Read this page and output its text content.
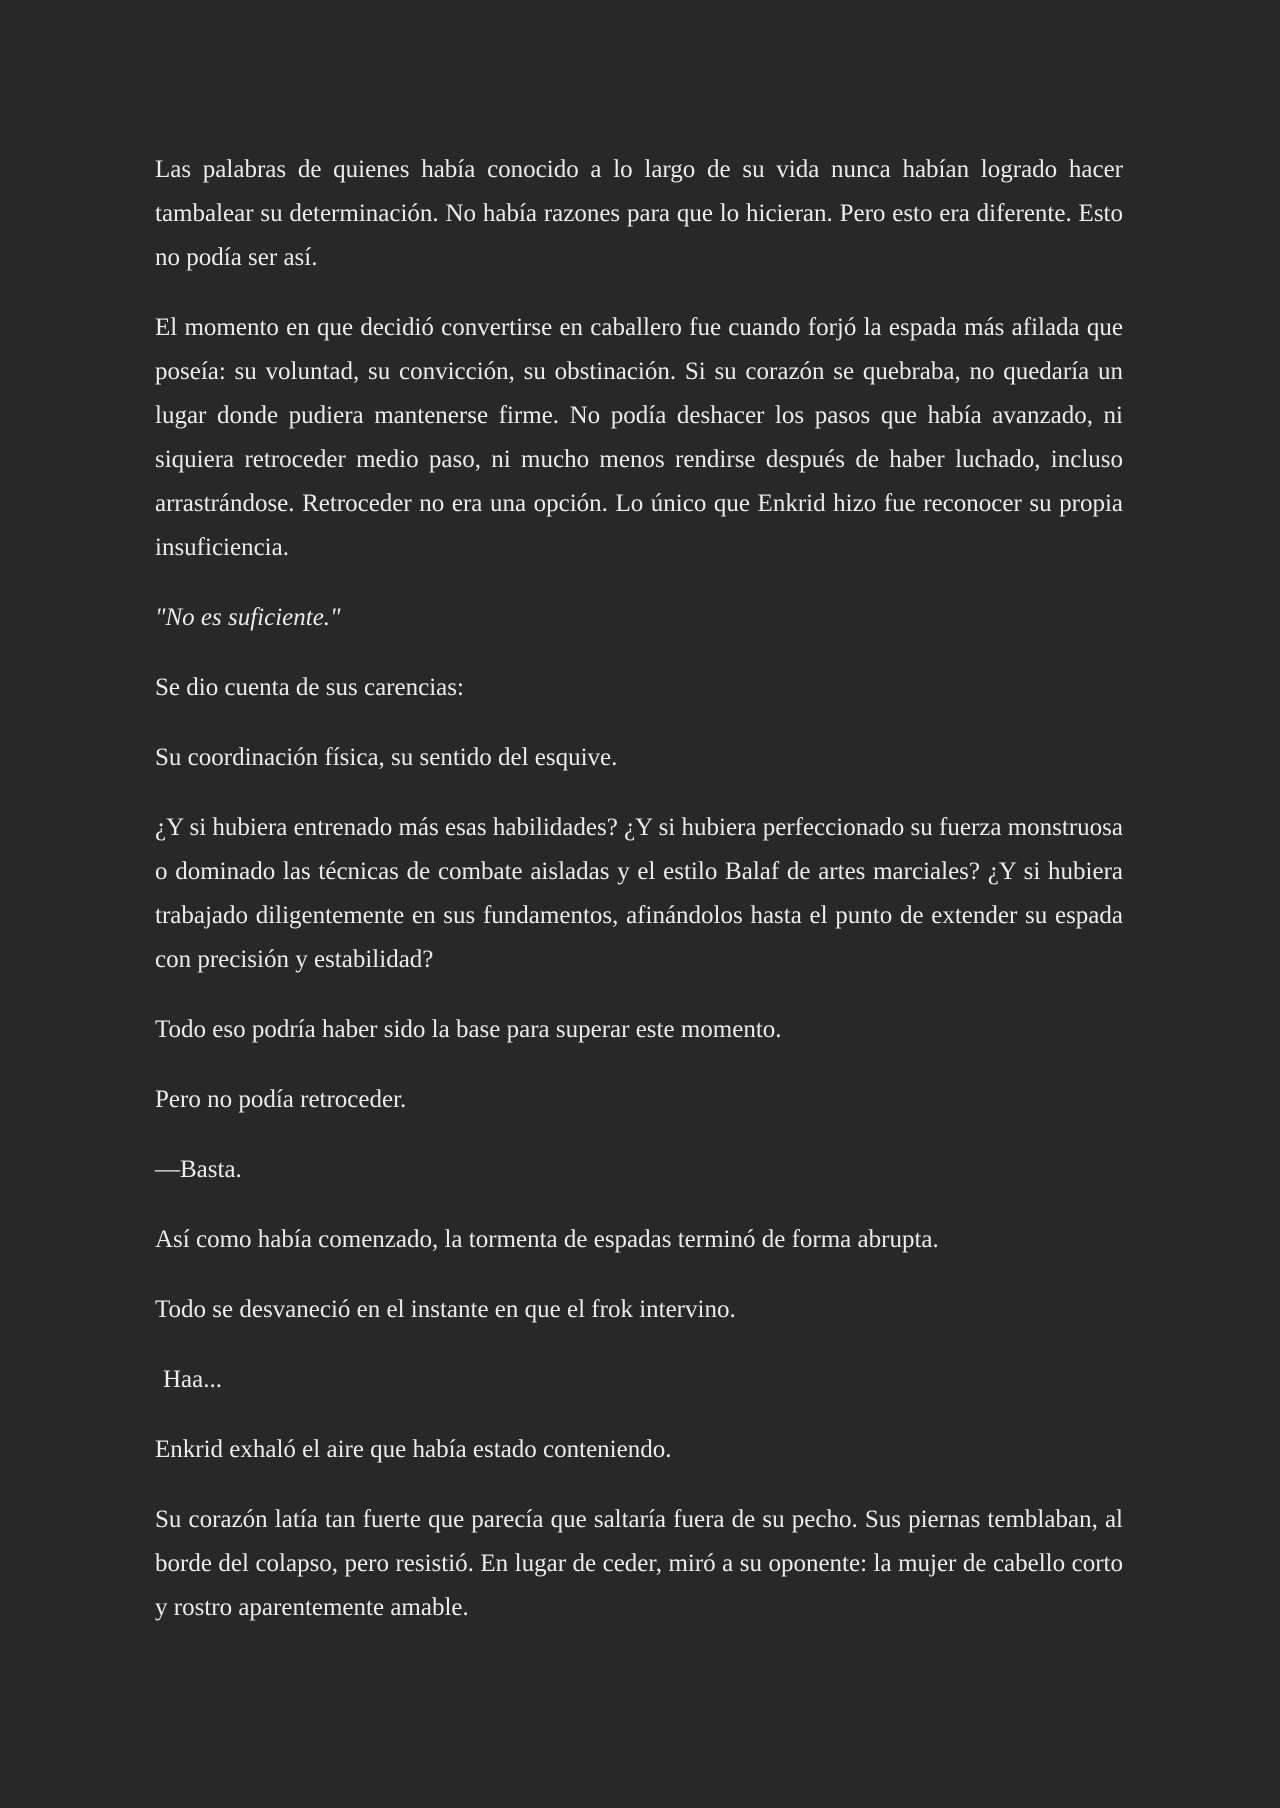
Las palabras de quienes había conocido a lo largo de su vida nunca habían logrado hacer tambalear su determinación. No había razones para que lo hicieran. Pero esto era diferente. Esto no podía ser así.

El momento en que decidió convertirse en caballero fue cuando forjó la espada más afilada que poseía: su voluntad, su convicción, su obstinación. Si su corazón se quebraba, no quedaría un lugar donde pudiera mantenerse firme. No podía deshacer los pasos que había avanzado, ni siquiera retroceder medio paso, ni mucho menos rendirse después de haber luchado, incluso arrastrándose. Retroceder no era una opción. Lo único que Enkrid hizo fue reconocer su propia insuficiencia.

"No es suficiente."

Se dio cuenta de sus carencias:

Su coordinación física, su sentido del esquive.

¿Y si hubiera entrenado más esas habilidades? ¿Y si hubiera perfeccionado su fuerza monstruosa o dominado las técnicas de combate aisladas y el estilo Balaf de artes marciales? ¿Y si hubiera trabajado diligentemente en sus fundamentos, afinándolos hasta el punto de extender su espada con precisión y estabilidad?

Todo eso podría haber sido la base para superar este momento.

Pero no podía retroceder.

—Basta.

Así como había comenzado, la tormenta de espadas terminó de forma abrupta.

Todo se desvaneció en el instante en que el frok intervino.

Haa...

Enkrid exhaló el aire que había estado conteniendo.

Su corazón latía tan fuerte que parecía que saltaría fuera de su pecho. Sus piernas temblaban, al borde del colapso, pero resistió. En lugar de ceder, miró a su oponente: la mujer de cabello corto y rostro aparentemente amable.
